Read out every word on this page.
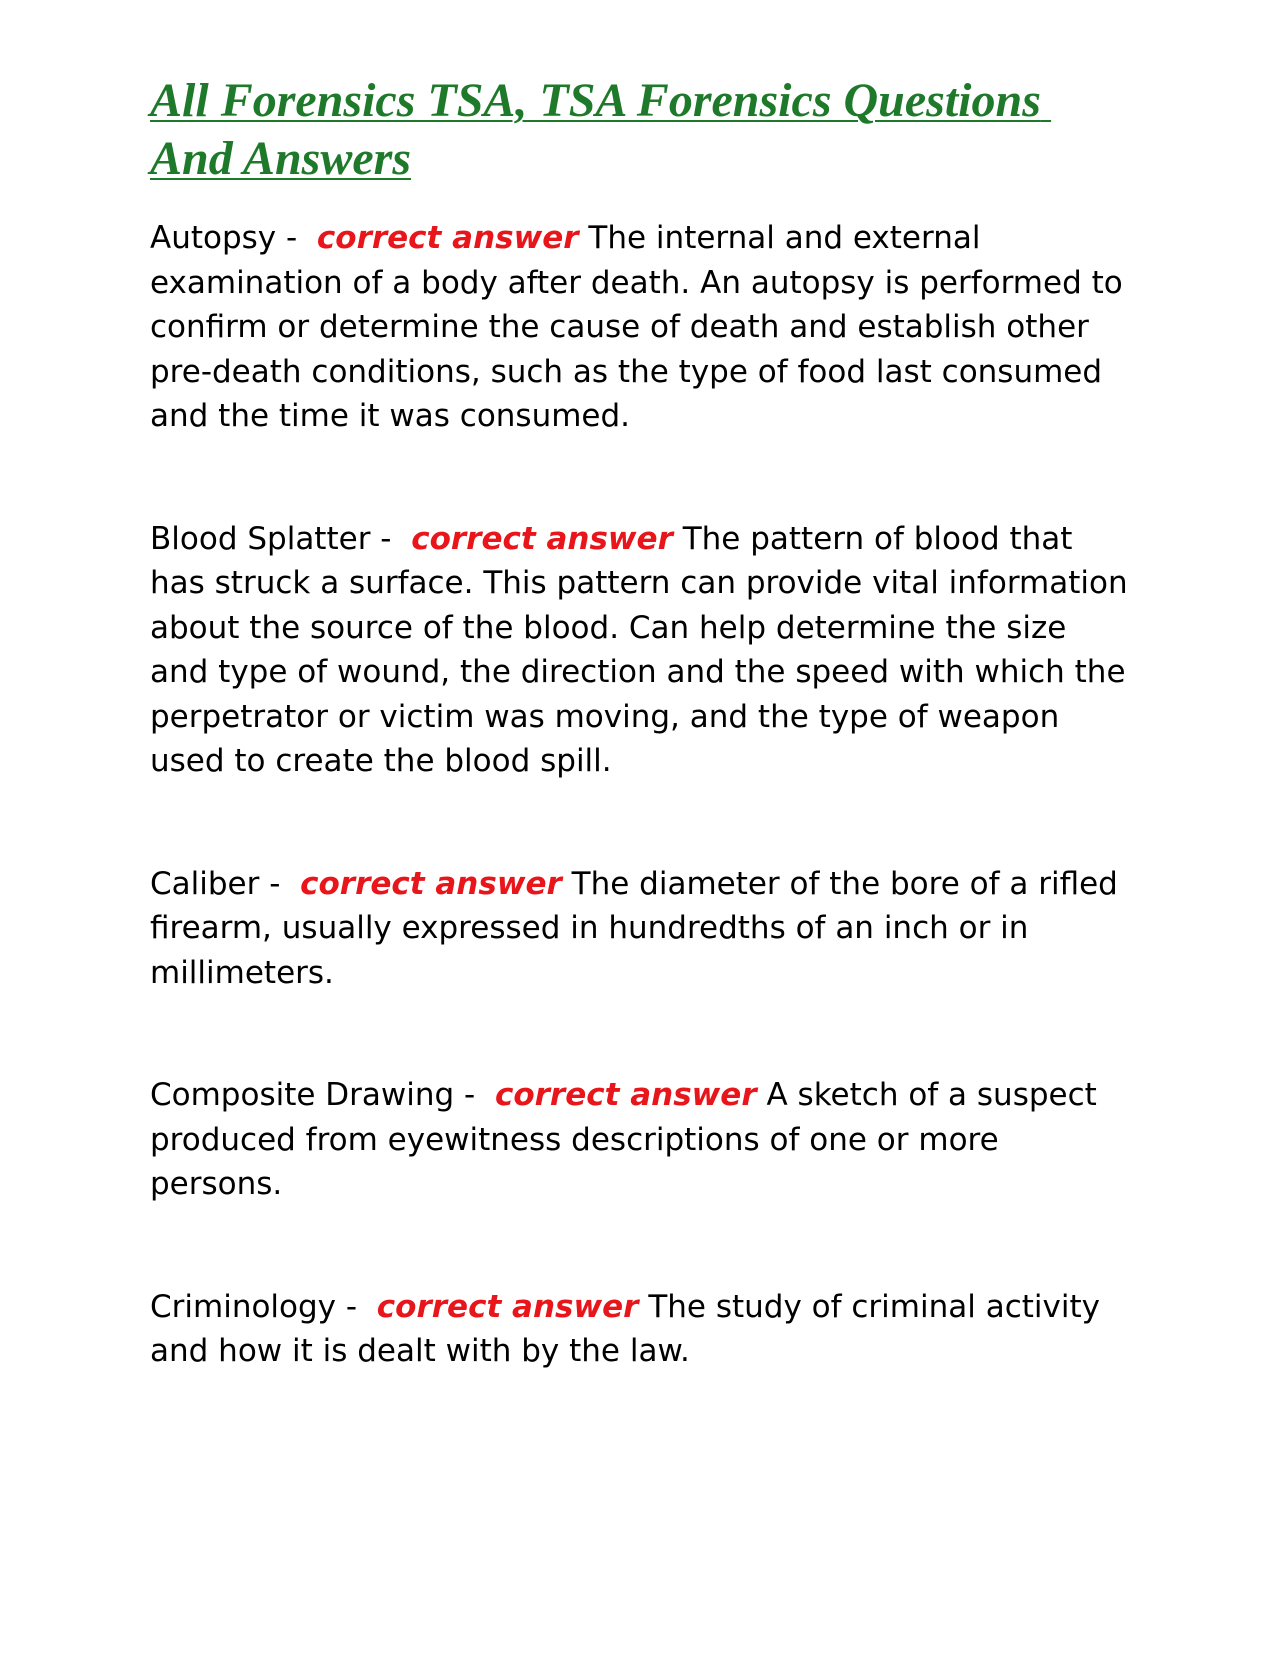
All Forensics TSA, TSA Forensics Questions And Answers

Autopsy -  correct answer The internal and external examination of a body after death. An autopsy is performed to confirm or determine the cause of death and establish other pre-death conditions, such as the type of food last consumed and the time it was consumed.

Blood Splatter -  correct answer The pattern of blood that has struck a surface. This pattern can provide vital information about the source of the blood. Can help determine the size and type of wound, the direction and the speed with which the perpetrator or victim was moving, and the type of weapon used to create the blood spill.

Caliber -  correct answer The diameter of the bore of a rifled firearm, usually expressed in hundredths of an inch or in millimeters.

Composite Drawing -  correct answer A sketch of a suspect produced from eyewitness descriptions of one or more persons.

Criminology -  correct answer The study of criminal activity and how it is dealt with by the law.
